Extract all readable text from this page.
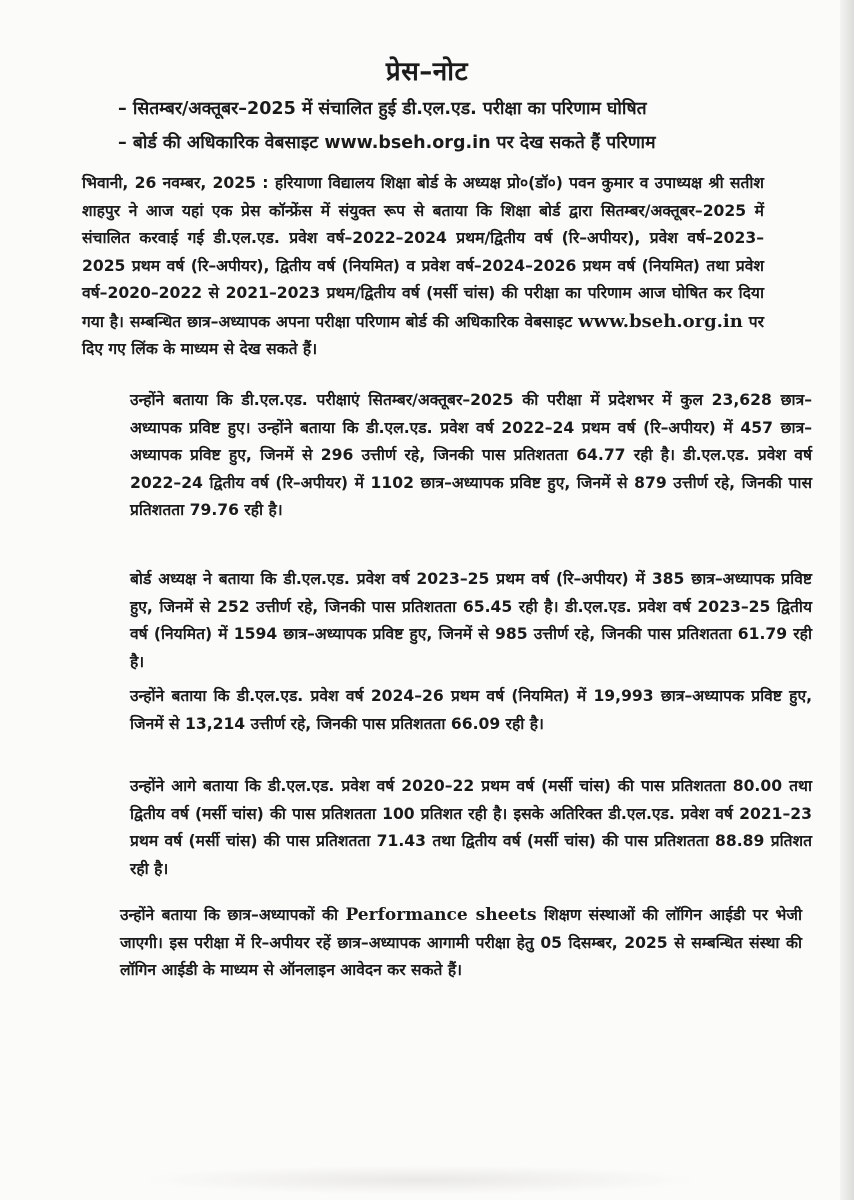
प्रेस–नोट
– सितम्बर/अक्तूबर–2025 में संचालित हुई डी.एल.एड. परीक्षा का परिणाम घोषित
– बोर्ड की अधिकारिक वेबसाइट www.bseh.org.in पर देख सकते हैं परिणाम

भिवानी, 26 नवम्बर, 2025 : हरियाणा विद्यालय शिक्षा बोर्ड के अध्यक्ष प्रो०(डॉ०) पवन कुमार व उपाध्यक्ष श्री सतीश शाहपुर ने आज यहां एक प्रेस कॉन्फ्रेंस में संयुक्त रूप से बताया कि शिक्षा बोर्ड द्वारा सितम्बर/अक्तूबर–2025 में संचालित करवाई गई डी.एल.एड. प्रवेश वर्ष–2022–2024 प्रथम/द्वितीय वर्ष (रि–अपीयर), प्रवेश वर्ष–2023–2025 प्रथम वर्ष (रि–अपीयर), द्वितीय वर्ष (नियमित) व प्रवेश वर्ष–2024–2026 प्रथम वर्ष (नियमित) तथा प्रवेश वर्ष–2020–2022 से 2021–2023 प्रथम/द्वितीय वर्ष (मर्सी चांस) की परीक्षा का परिणाम आज घोषित कर दिया गया है। सम्बन्धित छात्र–अध्यापक अपना परीक्षा परिणाम बोर्ड की अधिकारिक वेबसाइट www.bseh.org.in पर दिए गए लिंक के माध्यम से देख सकते हैं।

उन्होंने बताया कि डी.एल.एड. परीक्षाएं सितम्बर/अक्तूबर–2025 की परीक्षा में प्रदेशभर में कुल 23,628 छात्र–अध्यापक प्रविष्ट हुए। उन्होंने बताया कि डी.एल.एड. प्रवेश वर्ष 2022–24 प्रथम वर्ष (रि–अपीयर) में 457 छात्र–अध्यापक प्रविष्ट हुए, जिनमें से 296 उत्तीर्ण रहे, जिनकी पास प्रतिशतता 64.77 रही है। डी.एल.एड. प्रवेश वर्ष 2022–24 द्वितीय वर्ष (रि–अपीयर) में 1102 छात्र–अध्यापक प्रविष्ट हुए, जिनमें से 879 उत्तीर्ण रहे, जिनकी पास प्रतिशतता 79.76 रही है।

बोर्ड अध्यक्ष ने बताया कि डी.एल.एड. प्रवेश वर्ष 2023–25 प्रथम वर्ष (रि–अपीयर) में 385 छात्र–अध्यापक प्रविष्ट हुए, जिनमें से 252 उत्तीर्ण रहे, जिनकी पास प्रतिशतता 65.45 रही है। डी.एल.एड. प्रवेश वर्ष 2023–25 द्वितीय वर्ष (नियमित) में 1594 छात्र–अध्यापक प्रविष्ट हुए, जिनमें से 985 उत्तीर्ण रहे, जिनकी पास प्रतिशतता 61.79 रही है।

उन्होंने बताया कि डी.एल.एड. प्रवेश वर्ष 2024–26 प्रथम वर्ष (नियमित) में 19,993 छात्र–अध्यापक प्रविष्ट हुए, जिनमें से 13,214 उत्तीर्ण रहे, जिनकी पास प्रतिशतता 66.09 रही है।

उन्होंने आगे बताया कि डी.एल.एड. प्रवेश वर्ष 2020–22 प्रथम वर्ष (मर्सी चांस) की पास प्रतिशतता 80.00 तथा द्वितीय वर्ष (मर्सी चांस) की पास प्रतिशतता 100 प्रतिशत रही है। इसके अतिरिक्त डी.एल.एड. प्रवेश वर्ष 2021–23 प्रथम वर्ष (मर्सी चांस) की पास प्रतिशतता 71.43 तथा द्वितीय वर्ष (मर्सी चांस) की पास प्रतिशतता 88.89 प्रतिशत रही है।

उन्होंने बताया कि छात्र–अध्यापकों की Performance sheets शिक्षण संस्थाओं की लॉगिन आईडी पर भेजी जाएगी। इस परीक्षा में रि–अपीयर रहें छात्र–अध्यापक आगामी परीक्षा हेतु 05 दिसम्बर, 2025 से सम्बन्धित संस्था की लॉगिन आईडी के माध्यम से ऑनलाइन आवेदन कर सकते हैं।
